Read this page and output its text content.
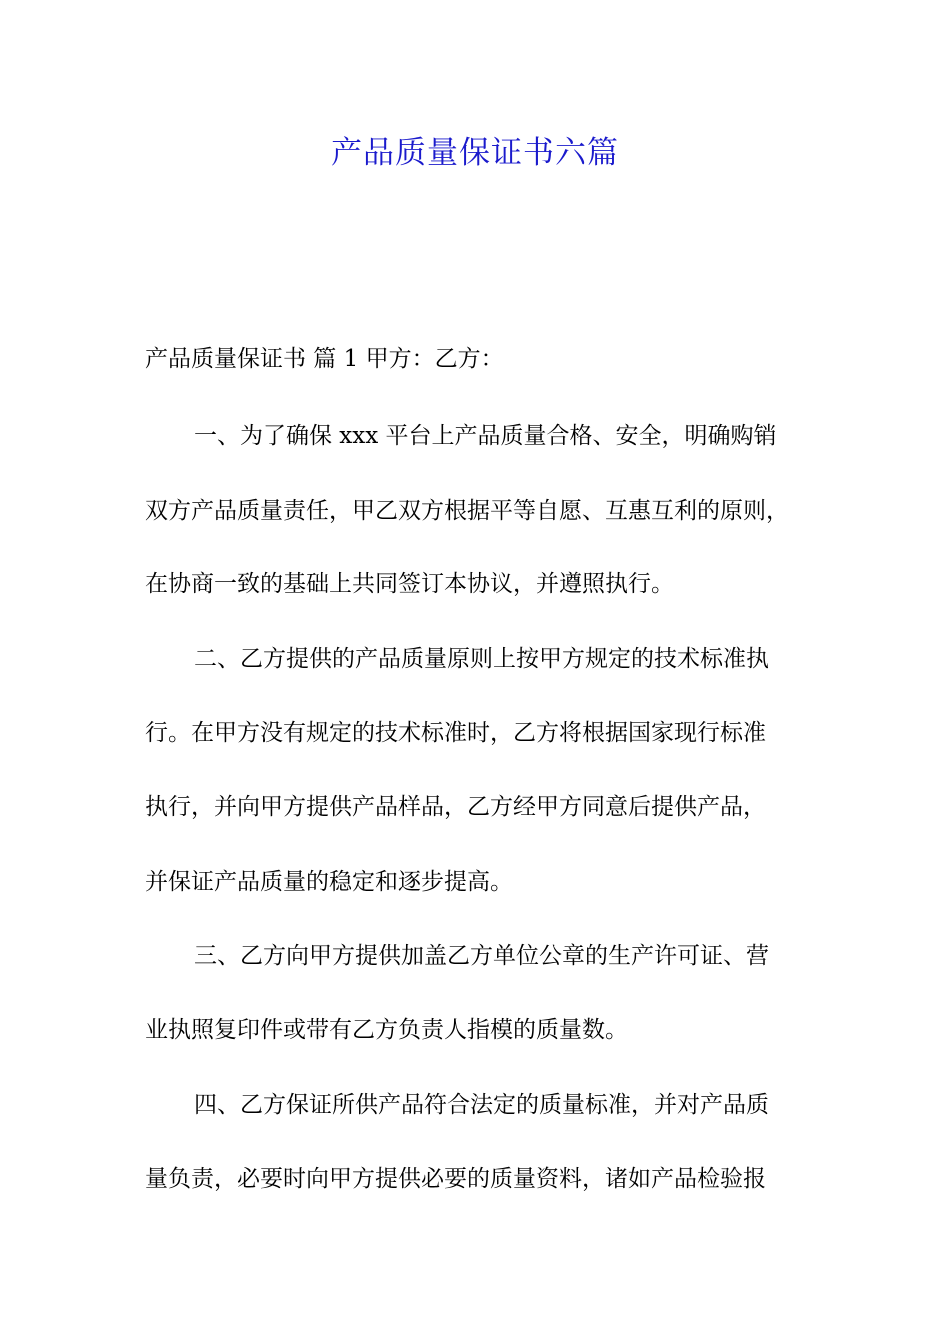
产品质量保证书六篇

产品质量保证书 篇 1 甲方：乙方：

一、为了确保 xxx 平台上产品质量合格、安全，明确购销

双方产品质量责任，甲乙双方根据平等自愿、互惠互利的原则，

在协商一致的基础上共同签订本协议，并遵照执行。

二、乙方提供的产品质量原则上按甲方规定的技术标准执

行。在甲方没有规定的技术标准时，乙方将根据国家现行标准

执行，并向甲方提供产品样品，乙方经甲方同意后提供产品，

并保证产品质量的稳定和逐步提高。

三、乙方向甲方提供加盖乙方单位公章的生产许可证、营

业执照复印件或带有乙方负责人指模的质量数。

四、乙方保证所供产品符合法定的质量标准，并对产品质

量负责，必要时向甲方提供必要的质量资料，诸如产品检验报
